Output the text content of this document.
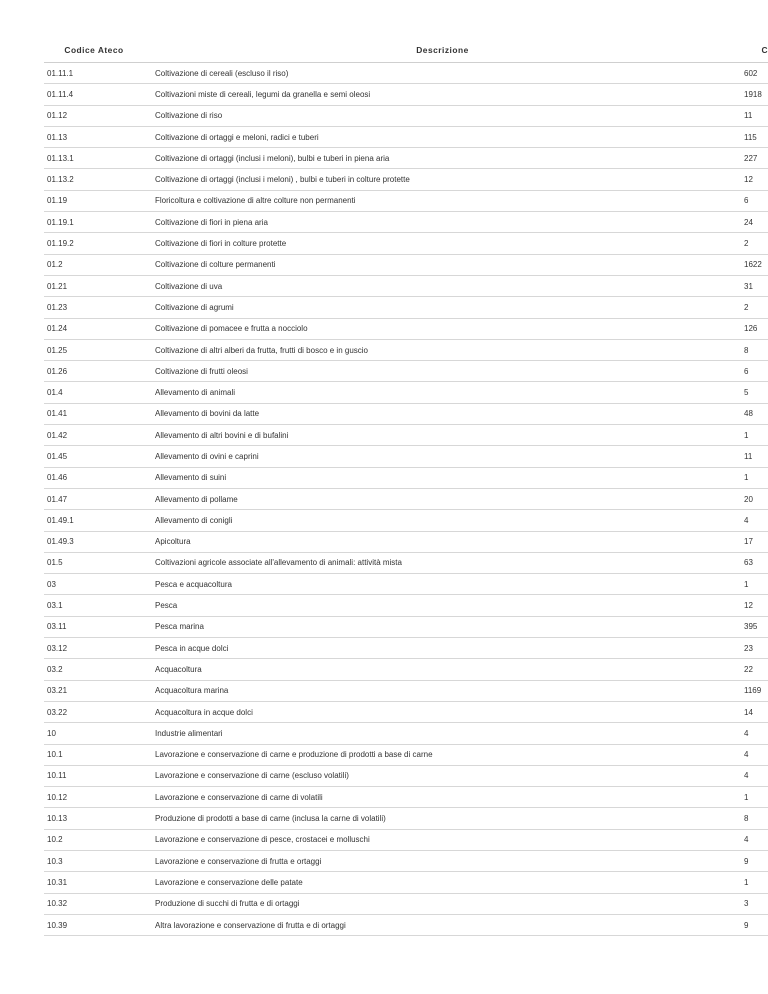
Codice Ateco	Descrizione	C
01.11.1	Coltivazione di cereali (escluso il riso)	602
01.11.4	Coltivazioni miste di cereali, legumi da granella e semi oleosi	1918
01.12	Coltivazione di riso	11
01.13	Coltivazione di ortaggi e meloni, radici e tuberi	115
01.13.1	Coltivazione di ortaggi (inclusi i meloni), bulbi e tuberi in piena aria	227
01.13.2	Coltivazione di ortaggi (inclusi i meloni) , bulbi e tuberi in colture protette	12
01.19	Floricoltura e coltivazione di altre colture non permanenti	6
01.19.1	Coltivazione di fiori in piena aria	24
01.19.2	Coltivazione di fiori in colture protette	2
01.2	Coltivazione di colture permanenti	1622
01.21	Coltivazione di uva	31
01.23	Coltivazione di agrumi	2
01.24	Coltivazione di pomacee e frutta a nocciolo	126
01.25	Coltivazione di altri alberi da frutta, frutti di bosco e in guscio	8
01.26	Coltivazione di frutti oleosi	6
01.4	Allevamento di animali	5
01.41	Allevamento di bovini da latte	48
01.42	Allevamento di altri bovini e di bufalini	1
01.45	Allevamento di ovini e caprini	11
01.46	Allevamento di suini	1
01.47	Allevamento di pollame	20
01.49.1	Allevamento di conigli	4
01.49.3	Apicoltura	17
01.5	Coltivazioni agricole associate all'allevamento di animali: attività mista	63
03	Pesca e acquacoltura	1
03.1	Pesca	12
03.11	Pesca marina	395
03.12	Pesca in acque dolci	23
03.2	Acquacoltura	22
03.21	Acquacoltura marina	1169
03.22	Acquacoltura in acque dolci	14
10	Industrie alimentari	4
10.1	Lavorazione e conservazione di carne e produzione di prodotti a base di carne	4
10.11	Lavorazione e conservazione di carne (escluso volatili)	4
10.12	Lavorazione e conservazione di carne di volatili	1
10.13	Produzione di prodotti a base di carne (inclusa la carne di volatili)	8
10.2	Lavorazione e conservazione di pesce, crostacei e molluschi	4
10.3	Lavorazione e conservazione di frutta e ortaggi	9
10.31	Lavorazione e conservazione delle patate	1
10.32	Produzione di succhi di frutta e di ortaggi	3
10.39	Altra lavorazione e conservazione di frutta e di ortaggi	9
